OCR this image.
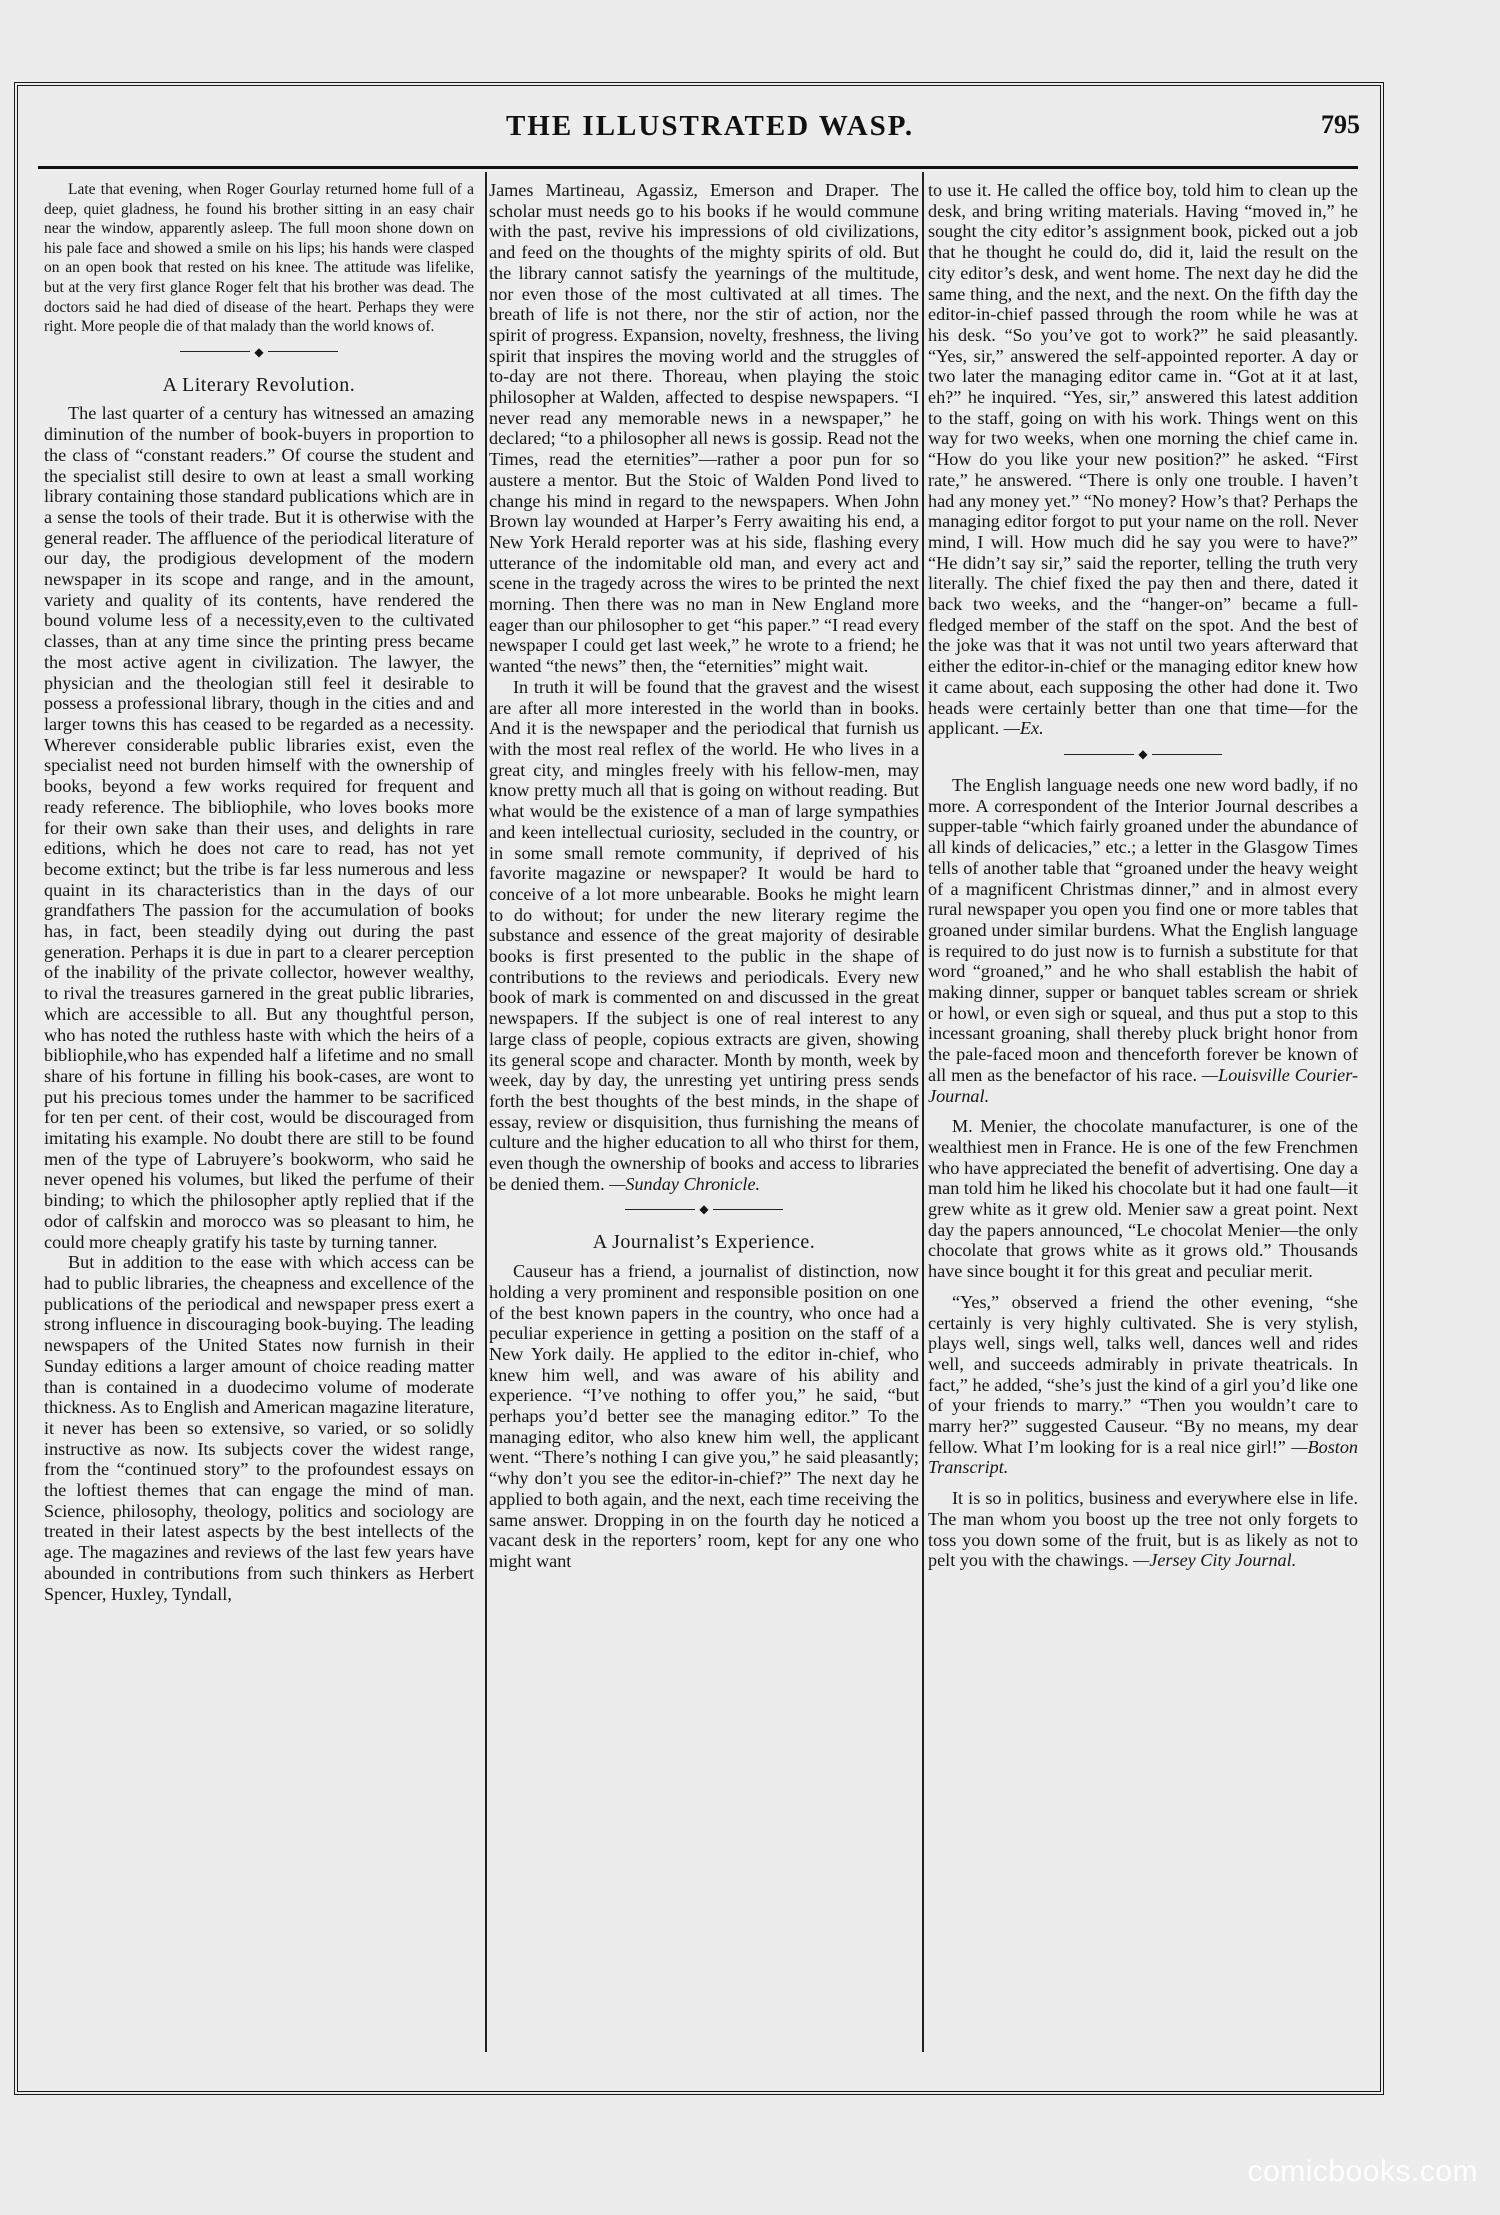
THE ILLUSTRATED WASP.	795

Late that evening, when Roger Gourlay returned home full of a deep, quiet gladness, he found his brother sitting in an easy chair near the window, apparently asleep. The full moon shone down on his pale face and showed a smile on his lips; his hands were clasped on an open book that rested on his knee. The attitude was lifelike, but at the very first glance Roger felt that his brother was dead. The doctors said he had died of disease of the heart. Perhaps they were right. More people die of that malady than the world knows of.

◆
A Literary Revolution.

The last quarter of a century has witnessed an amazing diminution of the number of book-buyers in proportion to the class of “constant readers.” Of course the student and the specialist still desire to own at least a small working library containing those standard publications which are in a sense the tools of their trade. But it is otherwise with the general reader. The affluence of the periodical literature of our day, the prodigious development of the modern newspaper in its scope and range, and in the amount, variety and quality of its contents, have rendered the bound volume less of a necessity,even to the cultivated classes, than at any time since the printing press became the most active agent in civilization. The lawyer, the physician and the theologian still feel it desirable to possess a professional library, though in the cities and and larger towns this has ceased to be regarded as a necessity. Wherever considerable public libraries exist, even the specialist need not burden himself with the ownership of books, beyond a few works required for frequent and ready reference. The bibliophile, who loves books more for their own sake than their uses, and delights in rare editions, which he does not care to read, has not yet become extinct; but the tribe is far less numerous and less quaint in its characteristics than in the days of our grandfathers The passion for the accumulation of books has, in fact, been steadily dying out during the past generation. Perhaps it is due in part to a clearer perception of the inability of the private collector, however wealthy, to rival the treasures garnered in the great public libraries, which are accessible to all. But any thoughtful person, who has noted the ruthless haste with which the heirs of a bibliophile,who has expended half a lifetime and no small share of his fortune in filling his book-cases, are wont to put his precious tomes under the hammer to be sacrificed for ten per cent. of their cost, would be discouraged from imitating his example. No doubt there are still to be found men of the type of Labruyere’s bookworm, who said he never opened his volumes, but liked the perfume of their binding; to which the philosopher aptly replied that if the odor of calfskin and morocco was so pleasant to him, he could more cheaply gratify his taste by turning tanner.

But in addition to the ease with which access can be had to public libraries, the cheapness and excellence of the publications of the periodical and newspaper press exert a strong influence in discouraging book-buying. The leading newspapers of the United States now furnish in their Sunday editions a larger amount of choice reading matter than is contained in a duodecimo volume of moderate thickness. As to English and American magazine literature, it never has been so extensive, so varied, or so solidly instructive as now. Its subjects cover the widest range, from the “continued story” to the profoundest essays on the loftiest themes that can engage the mind of man. Science, philosophy, theology, politics and sociology are treated in their latest aspects by the best intellects of the age. The magazines and reviews of the last few years have abounded in contributions from such thinkers as Herbert Spencer, Huxley, Tyndall,

James Martineau, Agassiz, Emerson and Draper. The scholar must needs go to his books if he would commune with the past, revive his impressions of old civilizations, and feed on the thoughts of the mighty spirits of old. But the library cannot satisfy the yearnings of the multitude, nor even those of the most cultivated at all times. The breath of life is not there, nor the stir of action, nor the spirit of progress. Expansion, novelty, freshness, the living spirit that inspires the moving world and the struggles of to-day are not there. Thoreau, when playing the stoic philosopher at Walden, affected to despise newspapers. “I never read any memorable news in a newspaper,” he declared; “to a philosopher all news is gossip. Read not the Times, read the eternities”—rather a poor pun for so austere a mentor. But the Stoic of Walden Pond lived to change his mind in regard to the newspapers. When John Brown lay wounded at Harper’s Ferry awaiting his end, a New York Herald reporter was at his side, flashing every utterance of the indomitable old man, and every act and scene in the tragedy across the wires to be printed the next morning. Then there was no man in New England more eager than our philosopher to get “his paper.” “I read every newspaper I could get last week,” he wrote to a friend; he wanted “the news” then, the “eternities” might wait.

In truth it will be found that the gravest and the wisest are after all more interested in the world than in books. And it is the newspaper and the periodical that furnish us with the most real reflex of the world. He who lives in a great city, and mingles freely with his fellow-men, may know pretty much all that is going on without reading. But what would be the existence of a man of large sympathies and keen intellectual curiosity, secluded in the country, or in some small remote community, if deprived of his favorite magazine or newspaper? It would be hard to conceive of a lot more unbearable. Books he might learn to do without; for under the new literary regime the substance and essence of the great majority of desirable books is first presented to the public in the shape of contributions to the reviews and periodicals. Every new book of mark is commented on and discussed in the great newspapers. If the subject is one of real interest to any large class of people, copious extracts are given, showing its general scope and character. Month by month, week by week, day by day, the unresting yet untiring press sends forth the best thoughts of the best minds, in the shape of essay, review or disquisition, thus furnishing the means of culture and the higher education to all who thirst for them, even though the ownership of books and access to libraries be denied them. —Sunday Chronicle.

◆
A Journalist’s Experience.

Causeur has a friend, a journalist of distinction, now holding a very prominent and responsible position on one of the best known papers in the country, who once had a peculiar experience in getting a position on the staff of a New York daily. He applied to the editor in-chief, who knew him well, and was aware of his ability and experience. “I’ve nothing to offer you,” he said, “but perhaps you’d better see the managing editor.” To the managing editor, who also knew him well, the applicant went. “There’s nothing I can give you,” he said pleasantly; “why don’t you see the editor-in-chief?” The next day he applied to both again, and the next, each time receiving the same answer. Dropping in on the fourth day he noticed a vacant desk in the reporters’ room, kept for any one who might want

to use it. He called the office boy, told him to clean up the desk, and bring writing materials. Having “moved in,” he sought the city editor’s assignment book, picked out a job that he thought he could do, did it, laid the result on the city editor’s desk, and went home. The next day he did the same thing, and the next, and the next. On the fifth day the editor-in-chief passed through the room while he was at his desk. “So you’ve got to work?” he said pleasantly. “Yes, sir,” answered the self-appointed reporter. A day or two later the managing editor came in. “Got at it at last, eh?” he inquired. “Yes, sir,” answered this latest addition to the staff, going on with his work. Things went on this way for two weeks, when one morning the chief came in. “How do you like your new position?” he asked. “First rate,” he answered. “There is only one trouble. I haven’t had any money yet.” “No money? How’s that? Perhaps the managing editor forgot to put your name on the roll. Never mind, I will. How much did he say you were to have?” “He didn’t say sir,” said the reporter, telling the truth very literally. The chief fixed the pay then and there, dated it back two weeks, and the “hanger-on” became a full-fledged member of the staff on the spot. And the best of the joke was that it was not until two years afterward that either the editor-in-chief or the managing editor knew how it came about, each supposing the other had done it. Two heads were certainly better than one that time—for the applicant. —Ex.

◆

The English language needs one new word badly, if no more. A correspondent of the Interior Journal describes a supper-table “which fairly groaned under the abundance of all kinds of delicacies,” etc.; a letter in the Glasgow Times tells of another table that “groaned under the heavy weight of a magnificent Christmas dinner,” and in almost every rural newspaper you open you find one or more tables that groaned under similar burdens. What the English language is required to do just now is to furnish a substitute for that word “groaned,” and he who shall establish the habit of making dinner, supper or banquet tables scream or shriek or howl, or even sigh or squeal, and thus put a stop to this incessant groaning, shall thereby pluck bright honor from the pale-faced moon and thenceforth forever be known of all men as the benefactor of his race. —Louisville Courier-Journal.

M. Menier, the chocolate manufacturer, is one of the wealthiest men in France. He is one of the few Frenchmen who have appreciated the benefit of advertising. One day a man told him he liked his chocolate but it had one fault—it grew white as it grew old. Menier saw a great point. Next day the papers announced, “Le chocolat Menier—the only chocolate that grows white as it grows old.” Thousands have since bought it for this great and peculiar merit.

“Yes,” observed a friend the other evening, “she certainly is very highly cultivated. She is very stylish, plays well, sings well, talks well, dances well and rides well, and succeeds admirably in private theatricals. In fact,” he added, “she’s just the kind of a girl you’d like one of your friends to marry.” “Then you wouldn’t care to marry her?” suggested Causeur. “By no means, my dear fellow. What I’m looking for is a real nice girl!” —Boston Transcript.

It is so in politics, business and everywhere else in life. The man whom you boost up the tree not only forgets to toss you down some of the fruit, but is as likely as not to pelt you with the chawings. —Jersey City Journal.

comicbooks.com
